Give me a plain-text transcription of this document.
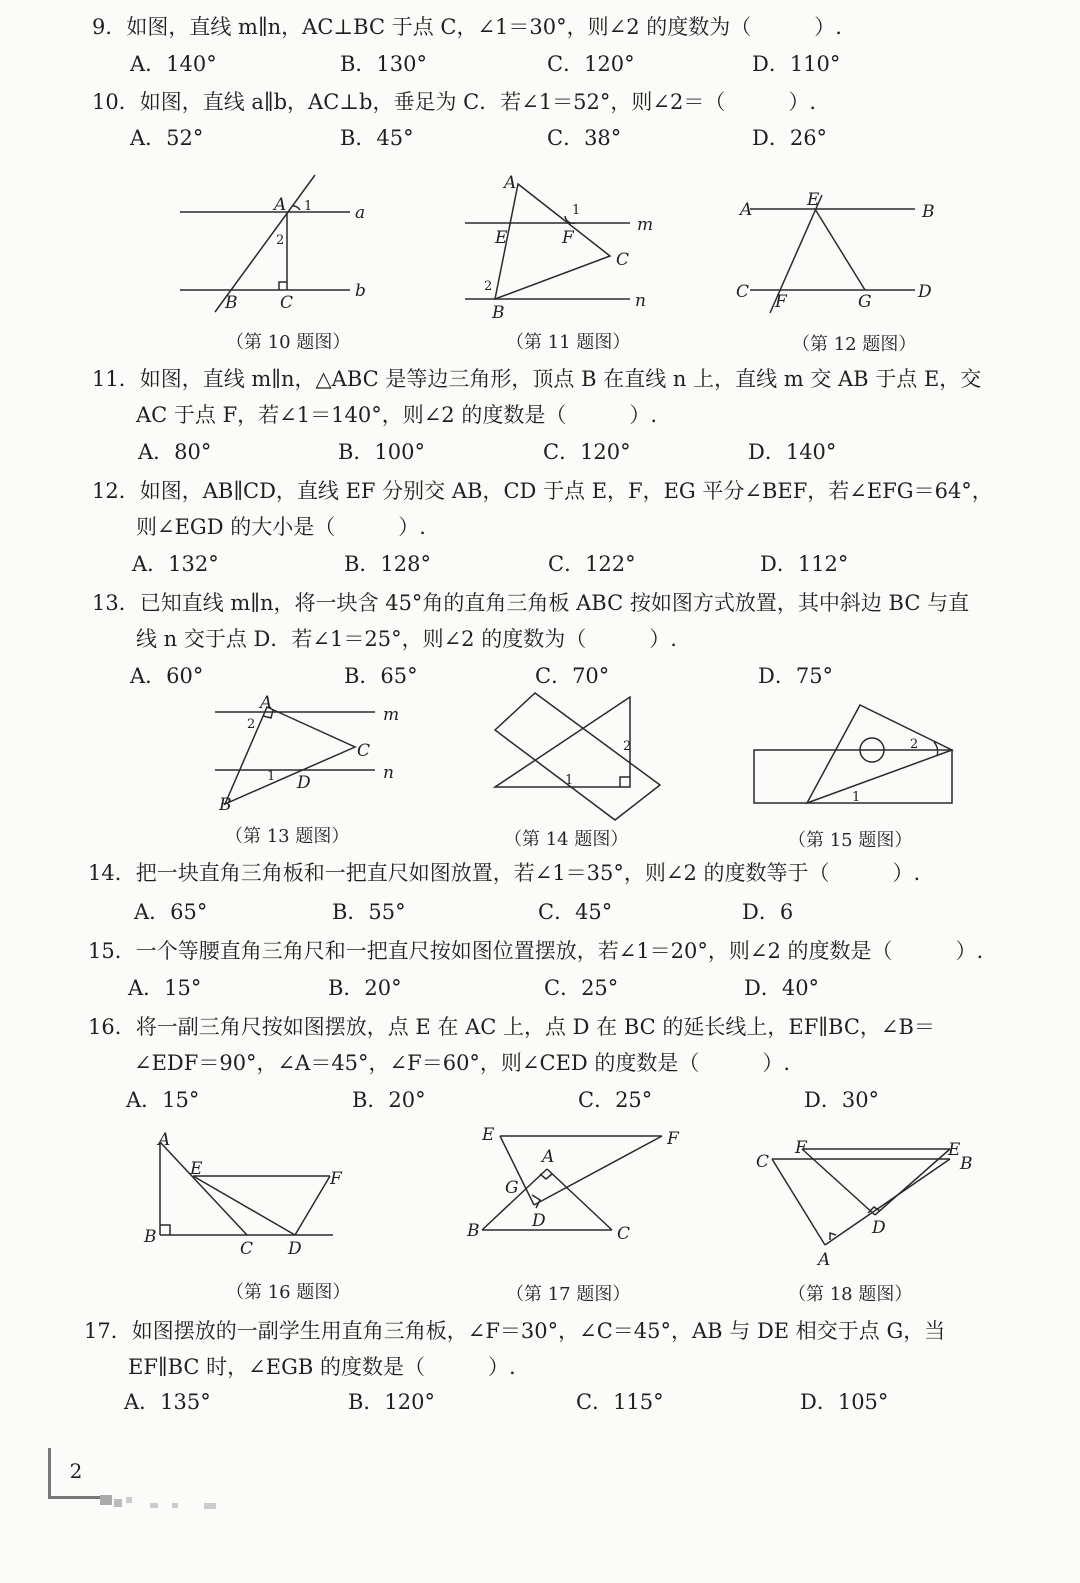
9．如图，直线 m∥n，AC⊥BC 于点 C，∠1＝30°，则∠2 的度数为（　　　）.
A．140°	B．130°	C．120°	D．110°
10．如图，直线 a∥b，AC⊥b，垂足为 C．若∠1＝52°，则∠2＝（　　　）.
A．52°	B．45°	C．38°	D．26°
A 1	a
2
B	C
b
（第 10 题图）
A
1
m
E	F
C
2
B
n
（第 11 题图）
A	E
B
C F	G	D
（第 12 题图）
11．如图，直线 m∥n，△ABC 是等边三角形，顶点 B 在直线 n 上，直线 m 交 AB 于点 E，交
AC 于点 F，若∠1＝140°，则∠2 的度数是（　　　）.
A．80°	B．100°	C．120°	D．140°
12．如图，AB∥CD，直线 EF 分别交 AB，CD 于点 E，F，EG 平分∠BEF，若∠EFG＝64°，
则∠EGD 的大小是（　　　）.
A．132°	B．128°	C．122°	D．112°
13．已知直线 m∥n，将一块含 45°角的直角三角板 ABC 按如图方式放置，其中斜边 BC 与直
线 n 交于点 D．若∠1＝25°，则∠2 的度数为（　　　）.
A．60°	B．65°	C．70°	D．75°
A
m
2
C
1 D	n
B
（第 13 题图）
2
1
（第 14 题图）
2
1
（第 15 题图）
14．把一块直角三角板和一把直尺如图放置，若∠1＝35°，则∠2 的度数等于（　　　）.
A．65°	B．55°	C．45°	D．6
15．一个等腰直角三角尺和一把直尺按如图位置摆放，若∠1＝20°，则∠2 的度数是（　　　）.
A．15°	B．20°	C．25°	D．40°
16．将一副三角尺按如图摆放，点 E 在 AC 上，点 D 在 BC 的延长线上，EF∥BC，∠B＝
∠EDF＝90°，∠A＝45°，∠F＝60°，则∠CED 的度数是（　　　）.
A．15°	B．20°	C．25°	D．30°
A
E	F
B
C D
（第 16 题图）
E	F
A
G
D
B	C
（第 17 题图）
C
F	E
B
D
A
（第 18 题图）
17．如图摆放的一副学生用直角三角板，∠F＝30°，∠C＝45°，AB 与 DE 相交于点 G，当
EF∥BC 时，∠EGB 的度数是（　　　）.
A．135°	B．120°	C．115°	D．105°
2
